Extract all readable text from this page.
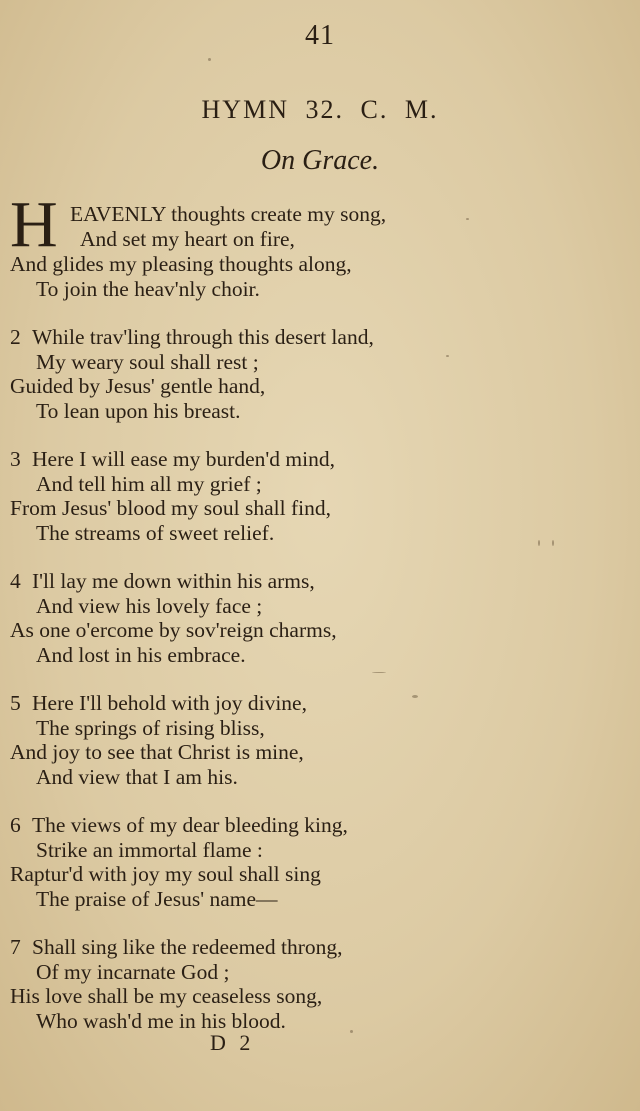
41
HYMN 32. C. M.
On Grace.
H EAVENLY thoughts create my song,
And set my heart on fire,
And glides my pleasing thoughts along,
To join the heav'nly choir.
2 While trav'ling through this desert land,
My weary soul shall rest ;
Guided by Jesus' gentle hand,
To lean upon his breast.
3 Here I will ease my burden'd mind,
And tell him all my grief ;
From Jesus' blood my soul shall find,
The streams of sweet relief.
4 I'll lay me down within his arms,
And view his lovely face ;
As one o'ercome by sov'reign charms,
And lost in his embrace.
5 Here I'll behold with joy divine,
The springs of rising bliss,
And joy to see that Christ is mine,
And view that I am his.
6 The views of my dear bleeding king,
Strike an immortal flame :
Raptur'd with joy my soul shall sing
The praise of Jesus' name—
7 Shall sing like the redeemed throng,
Of my incarnate God ;
His love shall be my ceaseless song,
Who wash'd me in his blood.
D 2
